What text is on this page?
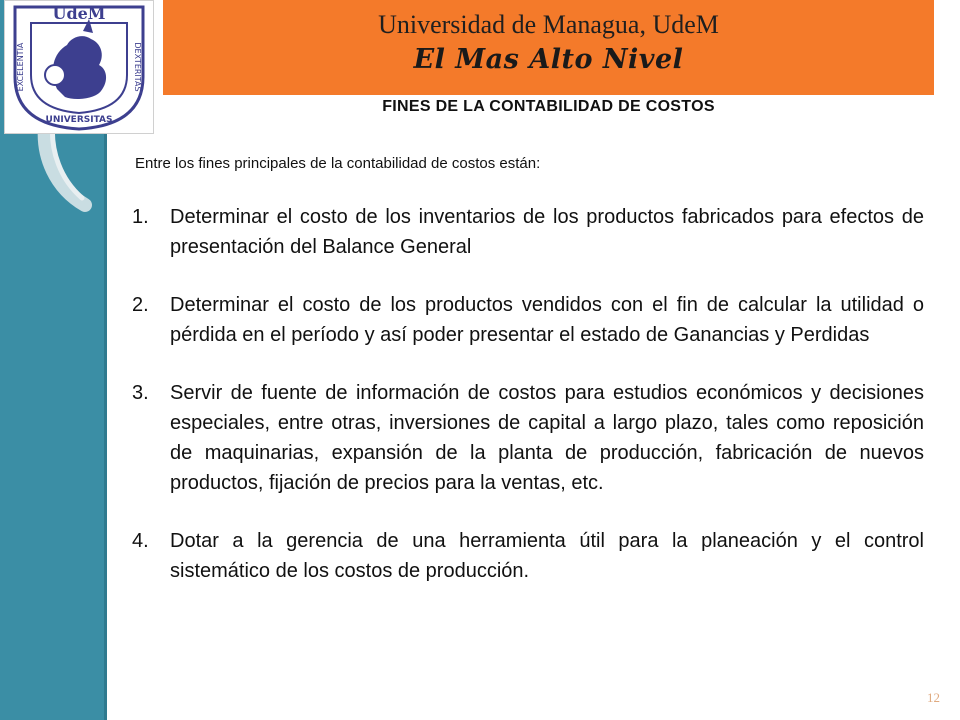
UdeM
EXCELENTIA	DEXTERITAS
UNIVERSITAS
Universidad de Managua, UdeM
El Mas Alto Nivel
FINES DE LA CONTABILIDAD DE COSTOS
Entre los fines principales de la contabilidad de costos están:
1. Determinar el costo de los inventarios de los productos fabricados para efectos de presentación del Balance General
2. Determinar el costo de los productos vendidos con el fin de calcular la utilidad o pérdida en el período y así poder presentar el estado de Ganancias y Perdidas
3. Servir de fuente de información de costos para estudios económicos y decisiones especiales, entre otras, inversiones de capital a largo plazo, tales como reposición de maquinarias, expansión de la planta de producción, fabricación de nuevos productos, fijación de precios para la ventas, etc.
4. Dotar a la gerencia de una herramienta útil para la planeación y el control sistemático de los costos de producción.
12
